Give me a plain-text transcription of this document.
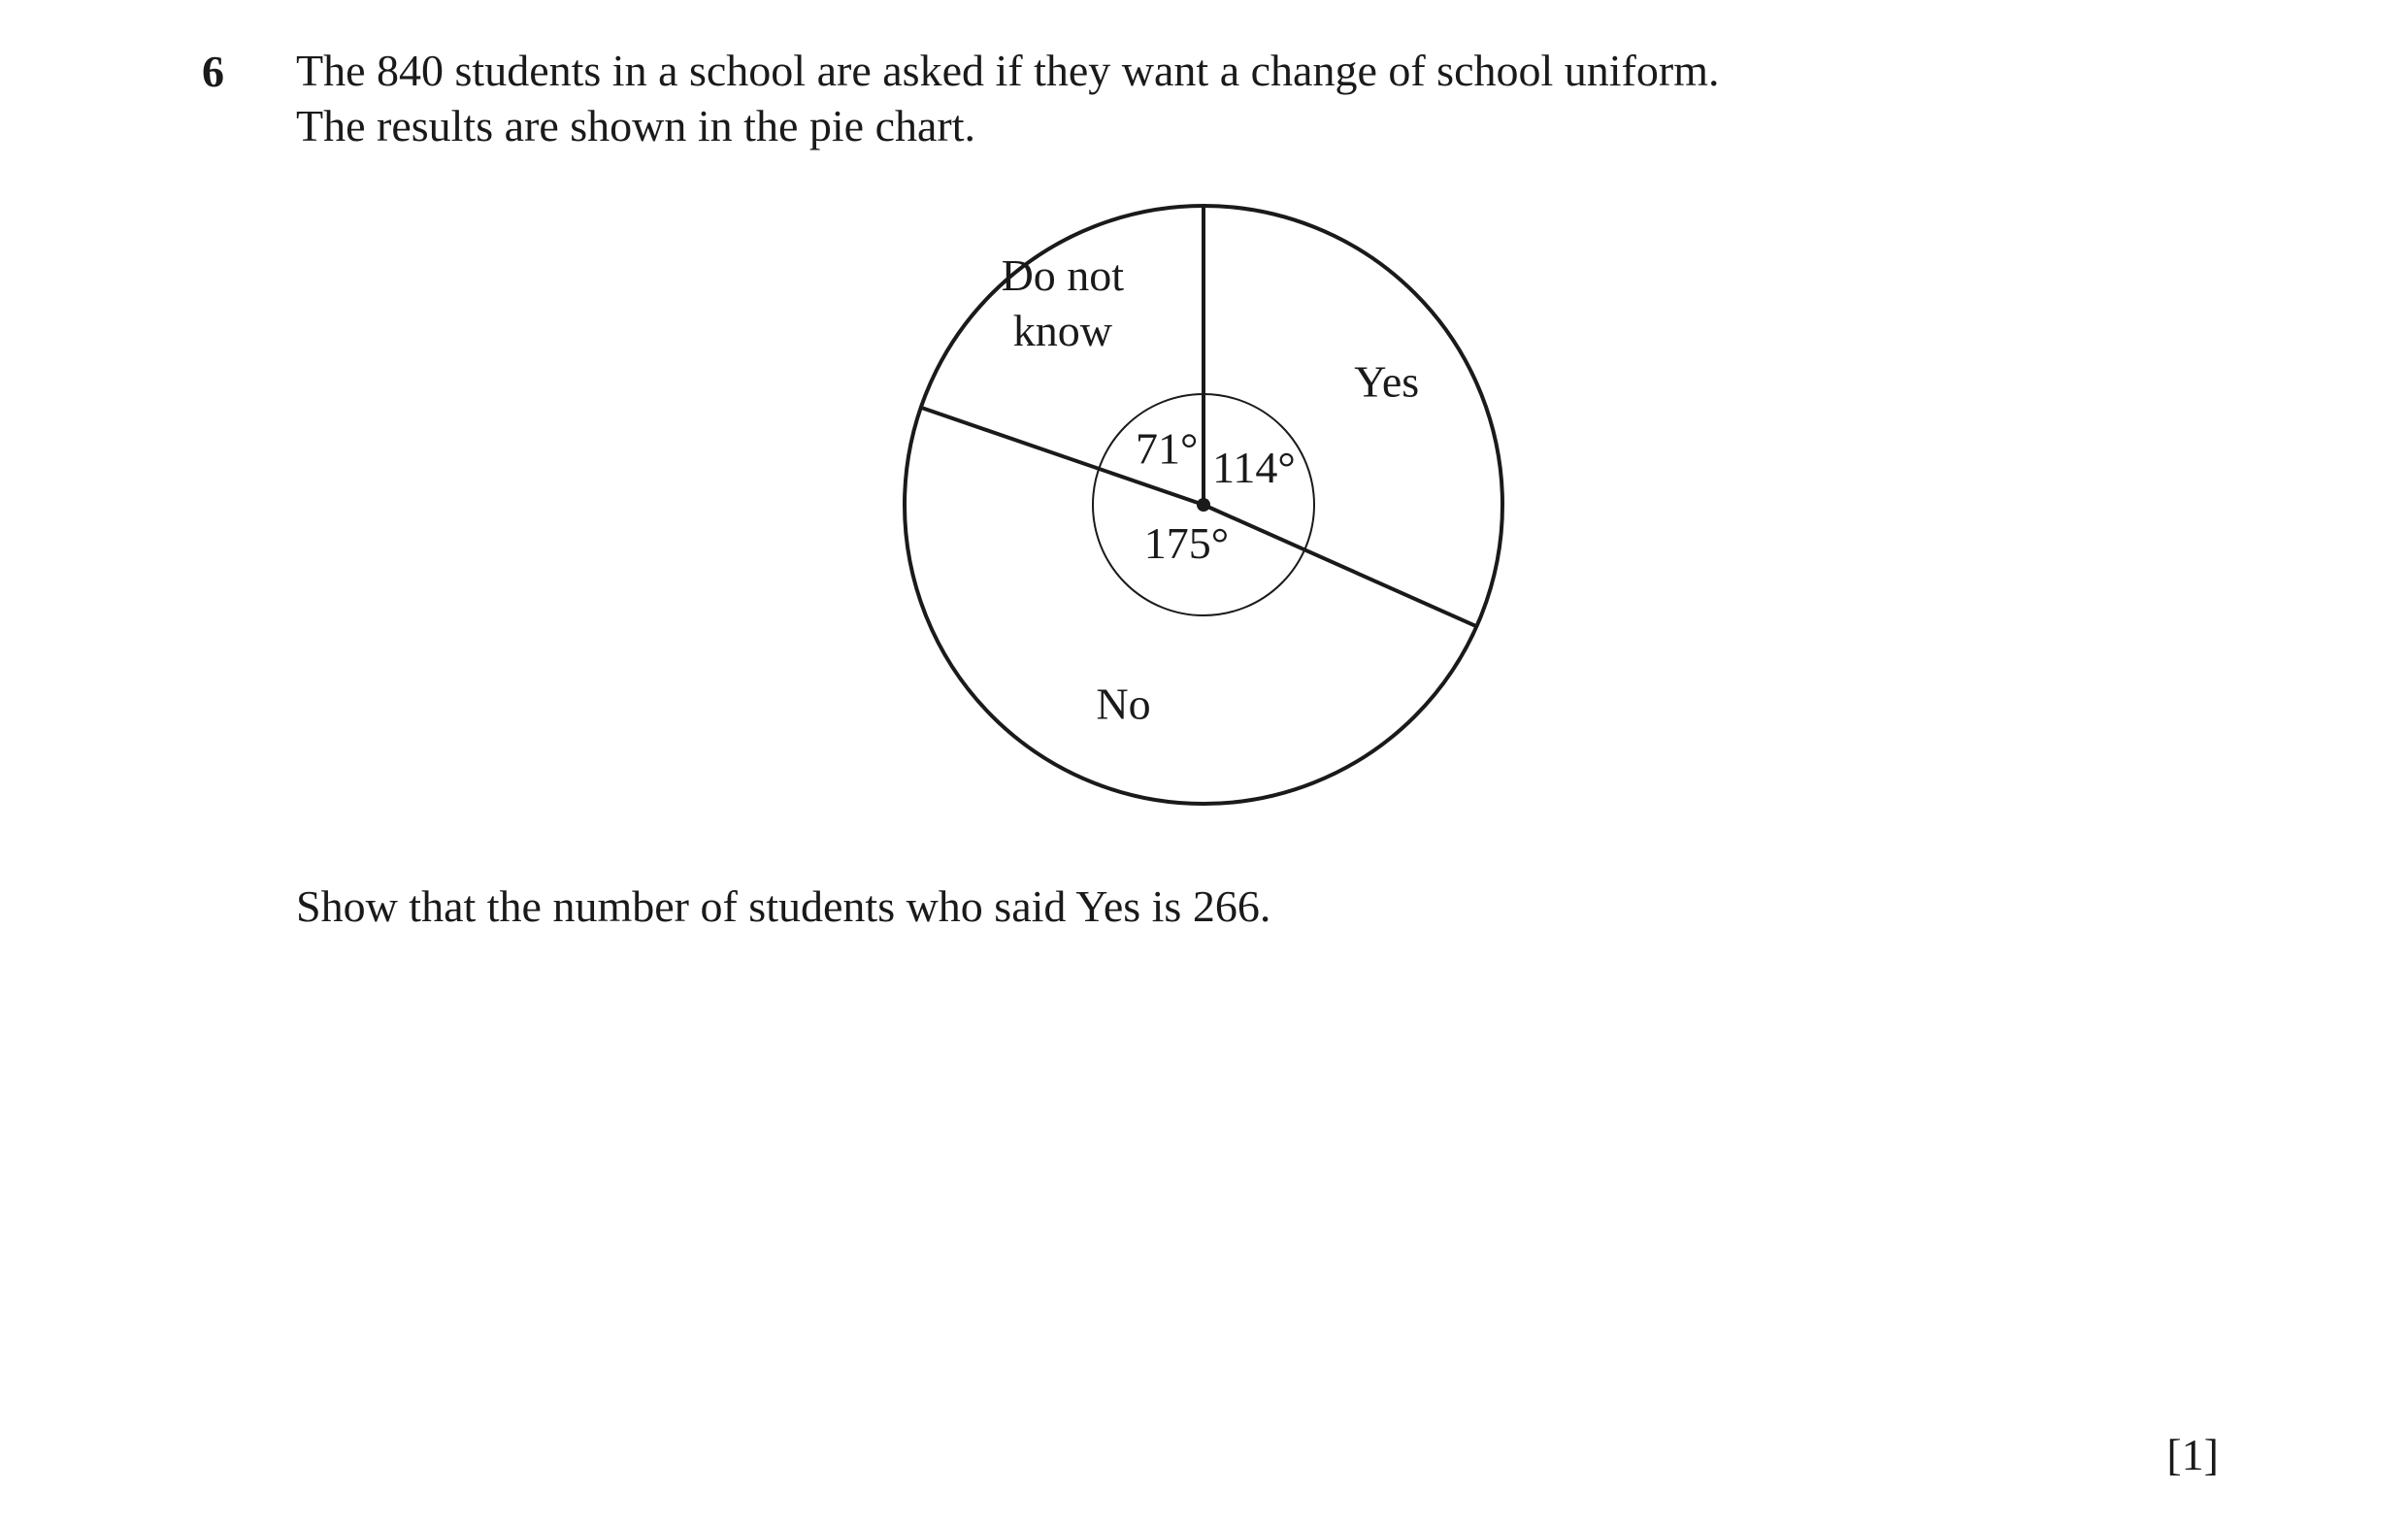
6 The 840 students in a school are asked if they want a change of school uniform.
The results are shown in the pie chart.
Yes
114°
No
175°
Do not know
71°
Show that the number of students who said Yes is 266.
[1]
